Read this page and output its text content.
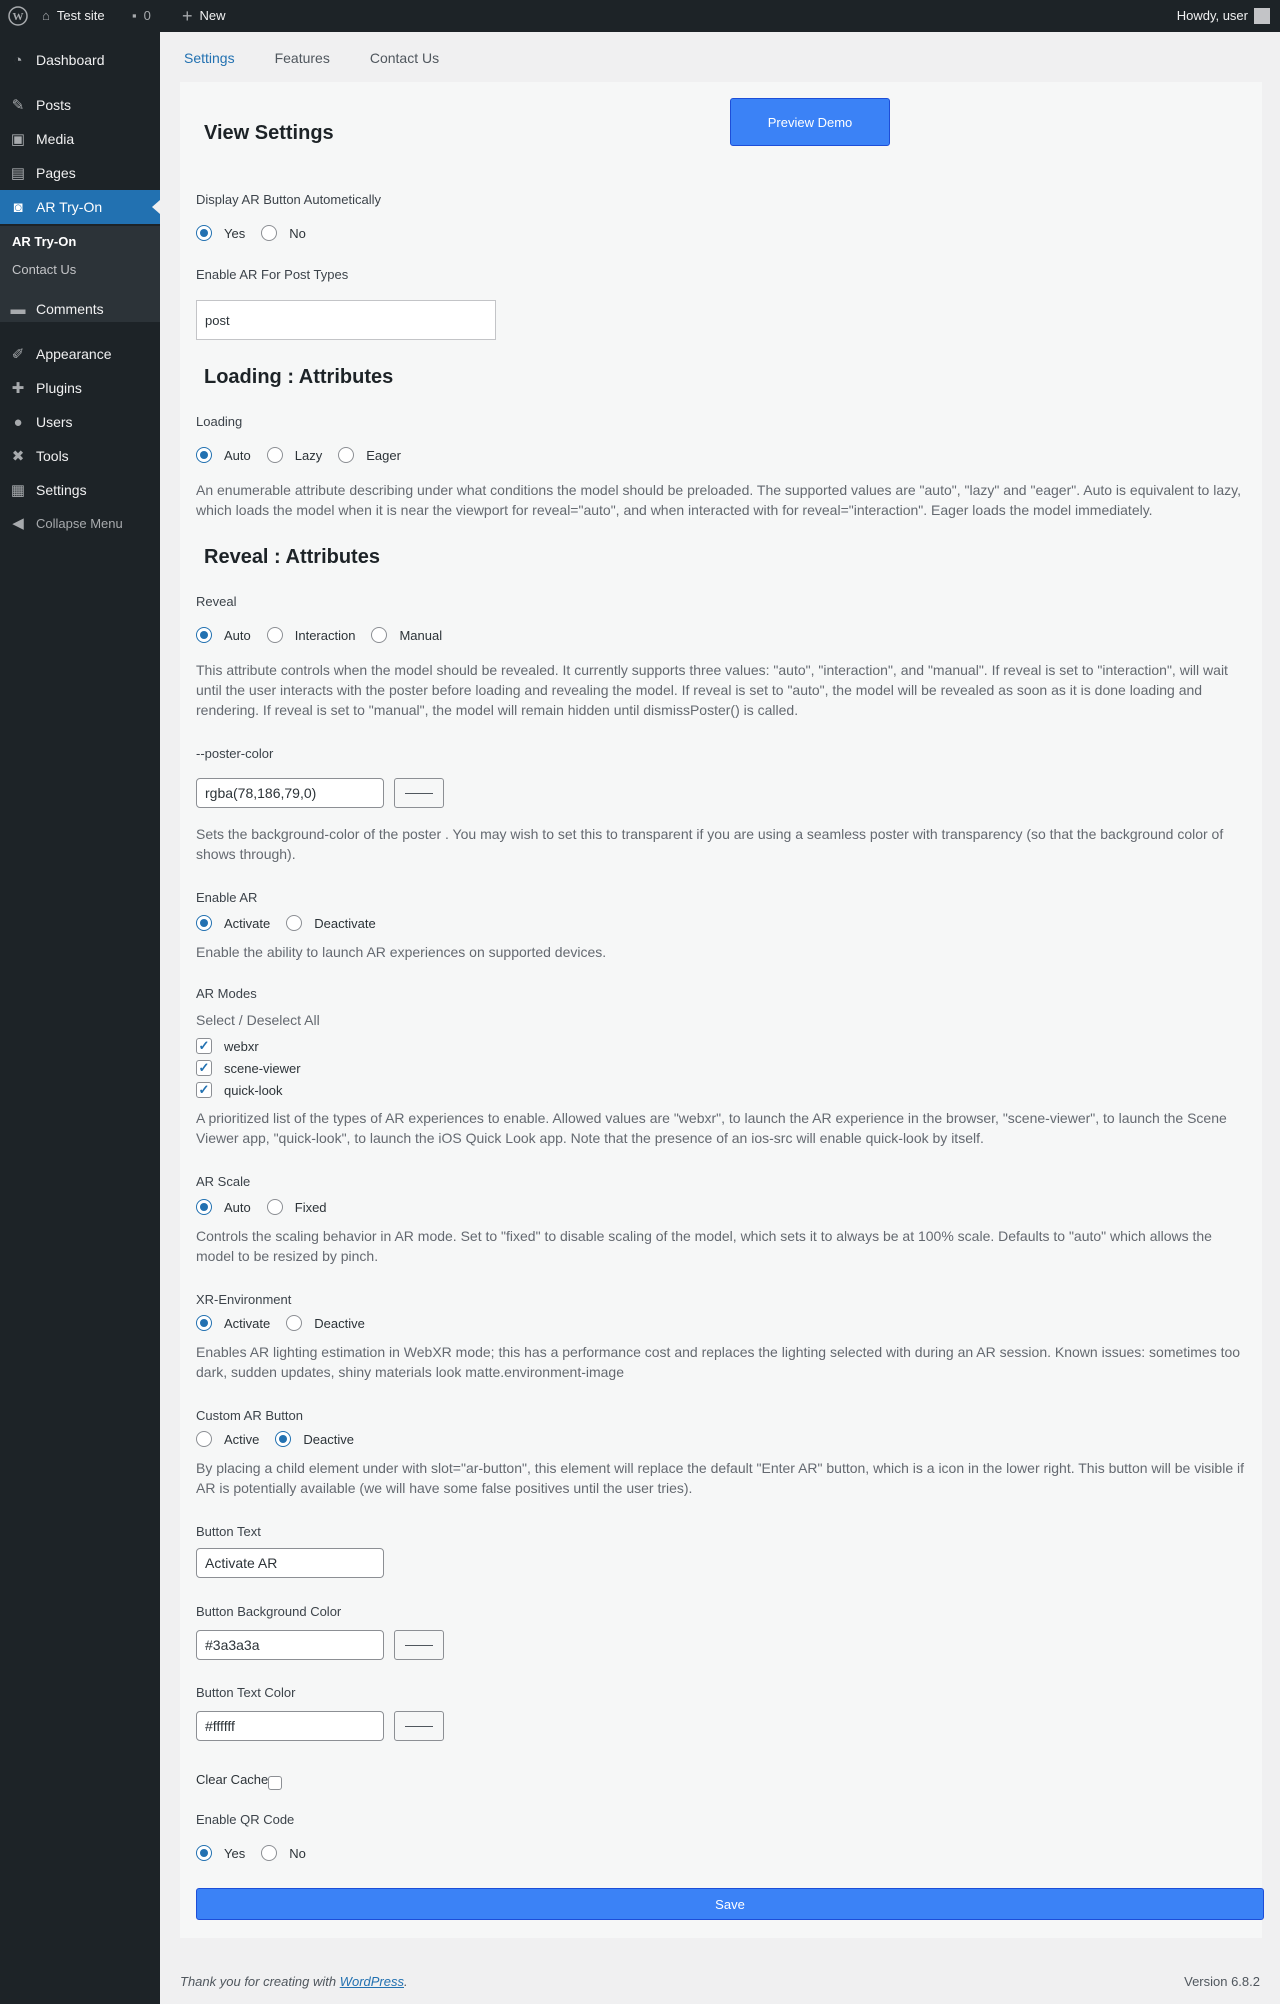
W ⌂ Test site ▪ 0 + New	Howdy, user
◔ Dashboard
✎ Posts
▣ Media
▤ Pages
◙ AR Try-On
AR Try-On
Contact Us
▬ Comments
✐ Appearance
✚ Plugins
● Users
✖ Tools
▦ Settings
◀ Collapse Menu
Settings	Features	Contact Us
Preview Demo
View Settings
Display AR Button Autometically
Yes	No
Enable AR For Post Types
post
Loading : Attributes
Loading
Auto	Lazy	Eager
An enumerable attribute describing under what conditions the model should be preloaded. The supported values are "auto", "lazy" and "eager". Auto is equivalent to lazy, which loads the model when it is near the viewport for reveal="auto", and when interacted with for reveal="interaction". Eager loads the model immediately.
Reveal : Attributes
Reveal
Auto	Interaction	Manual
This attribute controls when the model should be revealed. It currently supports three values: "auto", "interaction", and "manual". If reveal is set to "interaction", will wait until the user interacts with the poster before loading and revealing the model. If reveal is set to "auto", the model will be revealed as soon as it is done loading and rendering. If reveal is set to "manual", the model will remain hidden until dismissPoster() is called.
--poster-color
rgba(78,186,79,0)
Sets the background-color of the poster . You may wish to set this to transparent if you are using a seamless poster with transparency (so that the background color of shows through).
Enable AR
Activate	Deactivate
Enable the ability to launch AR experiences on supported devices.
AR Modes
Select / Deselect All
✓ webxr
✓ scene-viewer
✓ quick-look
A prioritized list of the types of AR experiences to enable. Allowed values are "webxr", to launch the AR experience in the browser, "scene-viewer", to launch the Scene Viewer app, "quick-look", to launch the iOS Quick Look app. Note that the presence of an ios-src will enable quick-look by itself.
AR Scale
Auto	Fixed
Controls the scaling behavior in AR mode. Set to "fixed" to disable scaling of the model, which sets it to always be at 100% scale. Defaults to "auto" which allows the model to be resized by pinch.
XR-Environment
Activate	Deactive
Enables AR lighting estimation in WebXR mode; this has a performance cost and replaces the lighting selected with during an AR session. Known issues: sometimes too dark, sudden updates, shiny materials look matte.environment-image
Custom AR Button
Active	Deactive
By placing a child element under with slot="ar-button", this element will replace the default "Enter AR" button, which is a icon in the lower right. This button will be visible if AR is potentially available (we will have some false positives until the user tries).
Button Text
Activate AR
Button Background Color
#3a3a3a
Button Text Color
#ffffff
Clear Cache
Enable QR Code
Yes	No
Save
Thank you for creating with WordPress.	Version 6.8.2
